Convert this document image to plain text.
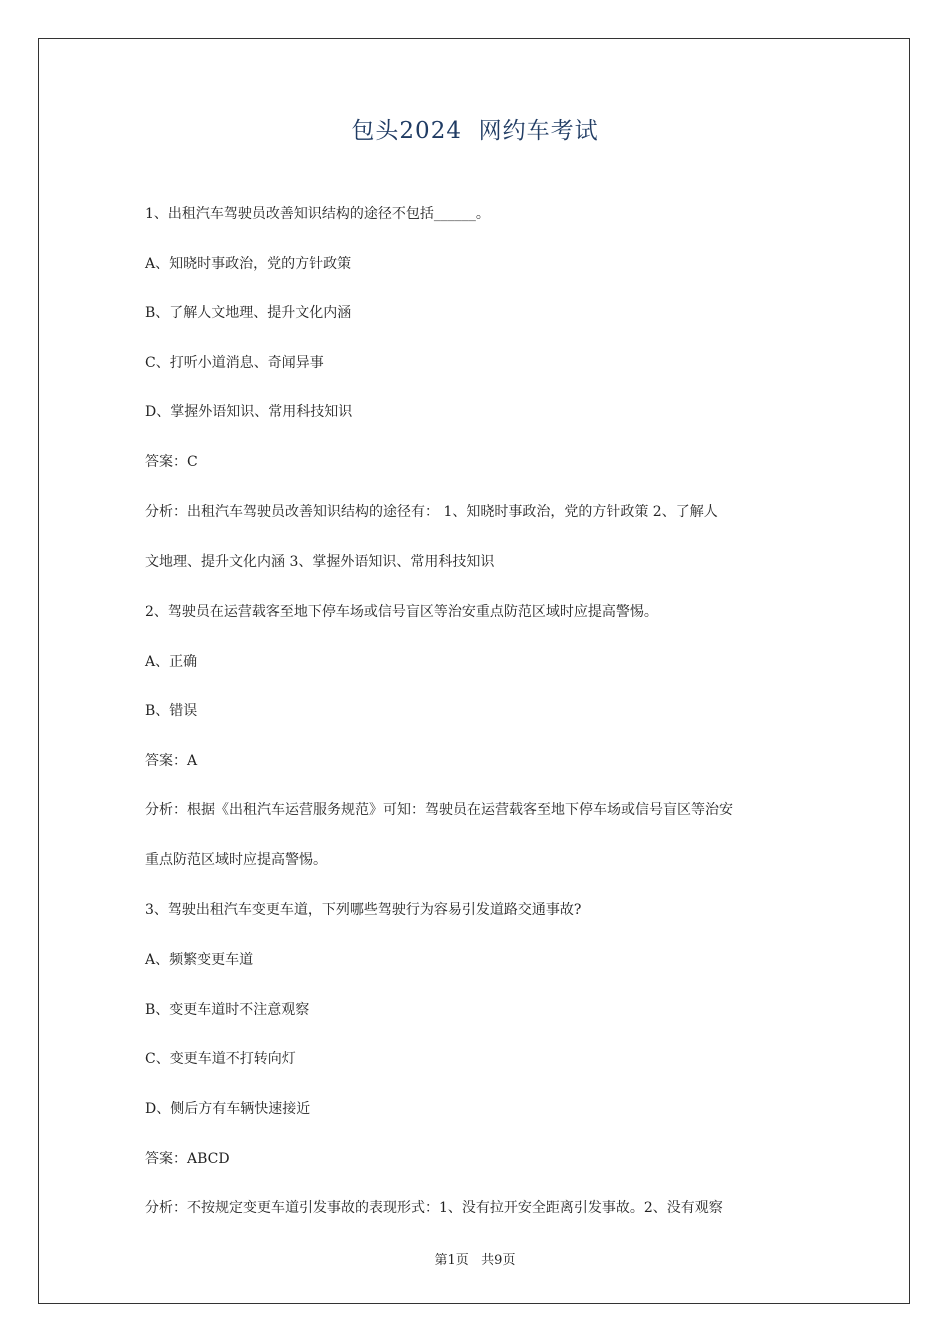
包头2024  网约车考试
1、出租汽车驾驶员改善知识结构的途径不包括______。
A、知晓时事政治，党的方针政策
B、了解人文地理、提升文化内涵
C、打听小道消息、奇闻异事
D、掌握外语知识、常用科技知识
答案：C
分析：出租汽车驾驶员改善知识结构的途径有： 1、知晓时事政治，党的方针政策 2、了解人
文地理、提升文化内涵 3、掌握外语知识、常用科技知识
2、驾驶员在运营载客至地下停车场或信号盲区等治安重点防范区域时应提高警惕。
A、正确
B、错误
答案：A
分析：根据《出租汽车运营服务规范》可知：驾驶员在运营载客至地下停车场或信号盲区等治安
重点防范区域时应提高警惕。
3、驾驶出租汽车变更车道，下列哪些驾驶行为容易引发道路交通事故?
A、频繁变更车道
B、变更车道时不注意观察
C、变更车道不打转向灯
D、侧后方有车辆快速接近
答案：ABCD
分析：不按规定变更车道引发事故的表现形式：1、没有拉开安全距离引发事故。2、没有观察
第1页   共9页
